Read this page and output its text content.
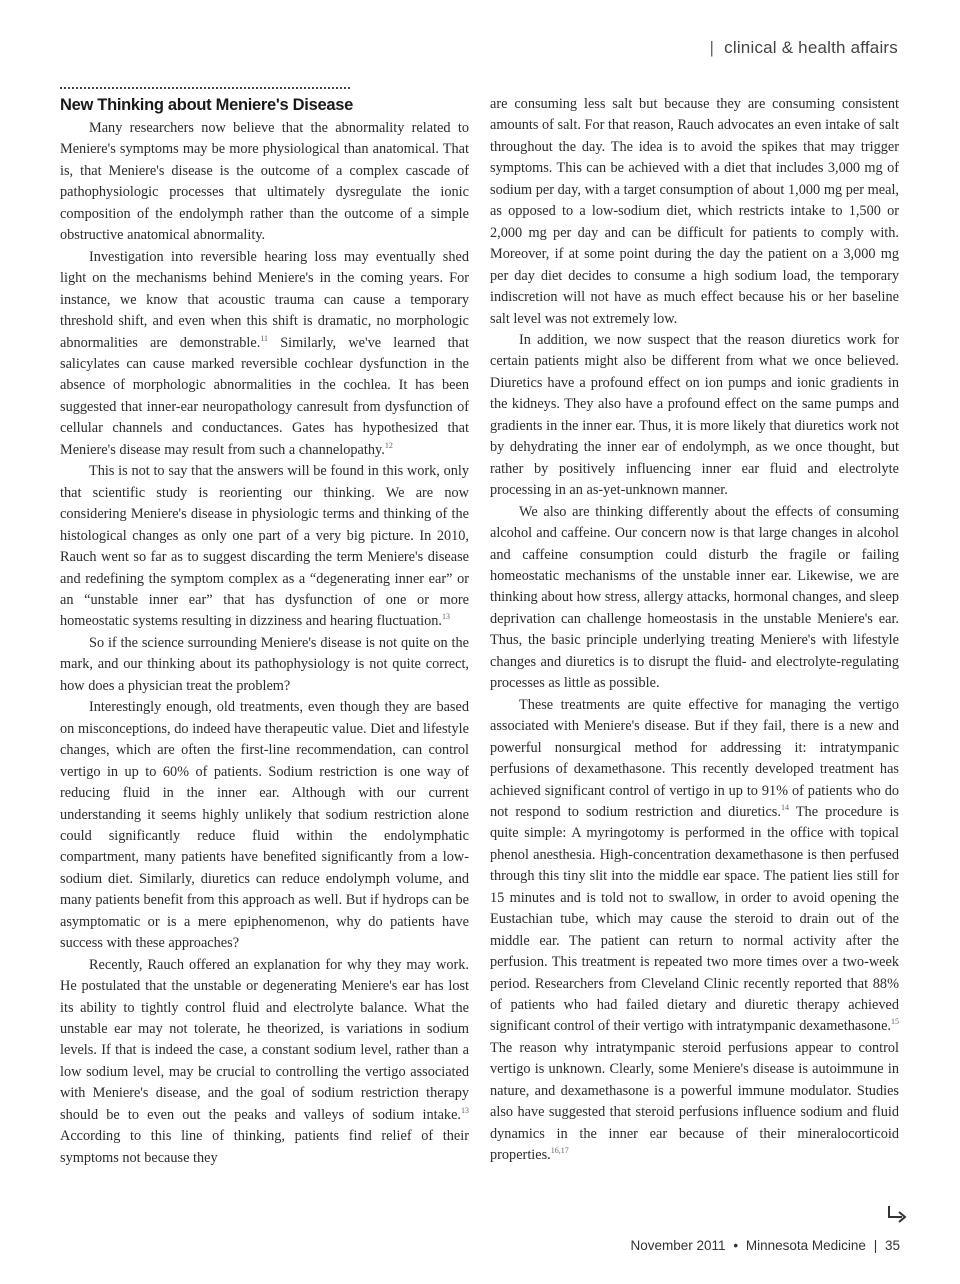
| clinical & health affairs
New Thinking about Meniere's Disease

Many researchers now believe that the abnormality related to Meniere's symptoms may be more physiological than anatomical. That is, that Meniere's disease is the outcome of a complex cascade of pathophysiologic processes that ultimately dysregulate the ionic composition of the endolymph rather than the outcome of a simple obstructive anatomical abnormality.

Investigation into reversible hearing loss may eventually shed light on the mechanisms behind Meniere's in the coming years. For instance, we know that acoustic trauma can cause a temporary threshold shift, and even when this shift is dramatic, no morphologic abnormalities are demonstrable.$^{11}$ Similarly, we've learned that salicylates can cause marked reversible cochlear dysfunction in the absence of morphologic abnormalities in the cochlea. It has been suggested that inner-ear neuropathology canresult from dysfunction of cellular channels and conductances. Gates has hypothesized that Meniere's disease may result from such a channelopathy.$^{12}$

This is not to say that the answers will be found in this work, only that scientific study is reorienting our thinking. We are now considering Meniere's disease in physiologic terms and thinking of the histological changes as only one part of a very big picture. In 2010, Rauch went so far as to suggest discarding the term Meniere's disease and redefining the symptom complex as a “degenerating inner ear” or an “unstable inner ear” that has dysfunction of one or more homeostatic systems resulting in dizziness and hearing fluctuation.$^{13}$

So if the science surrounding Meniere's disease is not quite on the mark, and our thinking about its pathophysiology is not quite correct, how does a physician treat the problem?

Interestingly enough, old treatments, even though they are based on misconceptions, do indeed have therapeutic value. Diet and lifestyle changes, which are often the first-line recommendation, can control vertigo in up to 60% of patients. Sodium restriction is one way of reducing fluid in the inner ear. Although with our current understanding it seems highly unlikely that sodium restriction alone could significantly reduce fluid within the endolymphatic compartment, many patients have benefited significantly from a low-sodium diet. Similarly, diuretics can reduce endolymph volume, and many patients benefit from this approach as well. But if hydrops can be asymptomatic or is a mere epiphenomenon, why do patients have success with these approaches?

Recently, Rauch offered an explanation for why they may work. He postulated that the unstable or degenerating Meniere's ear has lost its ability to tightly control fluid and electrolyte balance. What the unstable ear may not tolerate, he theorized, is variations in sodium levels. If that is indeed the case, a constant sodium level, rather than a low sodium level, may be crucial to controlling the vertigo associated with Meniere's disease, and the goal of sodium restriction therapy should be to even out the peaks and valleys of sodium intake.$^{13}$ According to this line of thinking, patients find relief of their symptoms not because they

are consuming less salt but because they are consuming consistent amounts of salt. For that reason, Rauch advocates an even intake of salt throughout the day. The idea is to avoid the spikes that may trigger symptoms. This can be achieved with a diet that includes 3,000 mg of sodium per day, with a target consumption of about 1,000 mg per meal, as opposed to a low-sodium diet, which restricts intake to 1,500 or 2,000 mg per day and can be difficult for patients to comply with. Moreover, if at some point during the day the patient on a 3,000 mg per day diet decides to consume a high sodium load, the temporary indiscretion will not have as much effect because his or her baseline salt level was not extremely low.

In addition, we now suspect that the reason diuretics work for certain patients might also be different from what we once believed. Diuretics have a profound effect on ion pumps and ionic gradients in the kidneys. They also have a profound effect on the same pumps and gradients in the inner ear. Thus, it is more likely that diuretics work not by dehydrating the inner ear of endolymph, as we once thought, but rather by positively influencing inner ear fluid and electrolyte processing in an as-yet-unknown manner.

We also are thinking differently about the effects of consuming alcohol and caffeine. Our concern now is that large changes in alcohol and caffeine consumption could disturb the fragile or failing homeostatic mechanisms of the unstable inner ear. Likewise, we are thinking about how stress, allergy attacks, hormonal changes, and sleep deprivation can challenge homeostasis in the unstable Meniere's ear. Thus, the basic principle underlying treating Meniere's with lifestyle changes and diuretics is to disrupt the fluid- and electrolyte-regulating processes as little as possible.

These treatments are quite effective for managing the vertigo associated with Meniere's disease. But if they fail, there is a new and powerful nonsurgical method for addressing it: intratympanic perfusions of dexamethasone. This recently developed treatment has achieved significant control of vertigo in up to 91% of patients who do not respond to sodium restriction and diuretics.$^{14}$ The procedure is quite simple: A myringotomy is performed in the office with topical phenol anesthesia. High-concentration dexamethasone is then perfused through this tiny slit into the middle ear space. The patient lies still for 15 minutes and is told not to swallow, in order to avoid opening the Eustachian tube, which may cause the steroid to drain out of the middle ear. The patient can return to normal activity after the perfusion. This treatment is repeated two more times over a two-week period. Researchers from Cleveland Clinic recently reported that 88% of patients who had failed dietary and diuretic therapy achieved significant control of their vertigo with intratympanic dexamethasone.$^{15}$ The reason why intratympanic steroid perfusions appear to control vertigo is unknown. Clearly, some Meniere's disease is autoimmune in nature, and dexamethasone is a powerful immune modulator. Studies also have suggested that steroid perfusions influence sodium and fluid dynamics in the inner ear because of their mineralocorticoid properties.$^{16,17}$

November 2011 • Minnesota Medicine | 35
